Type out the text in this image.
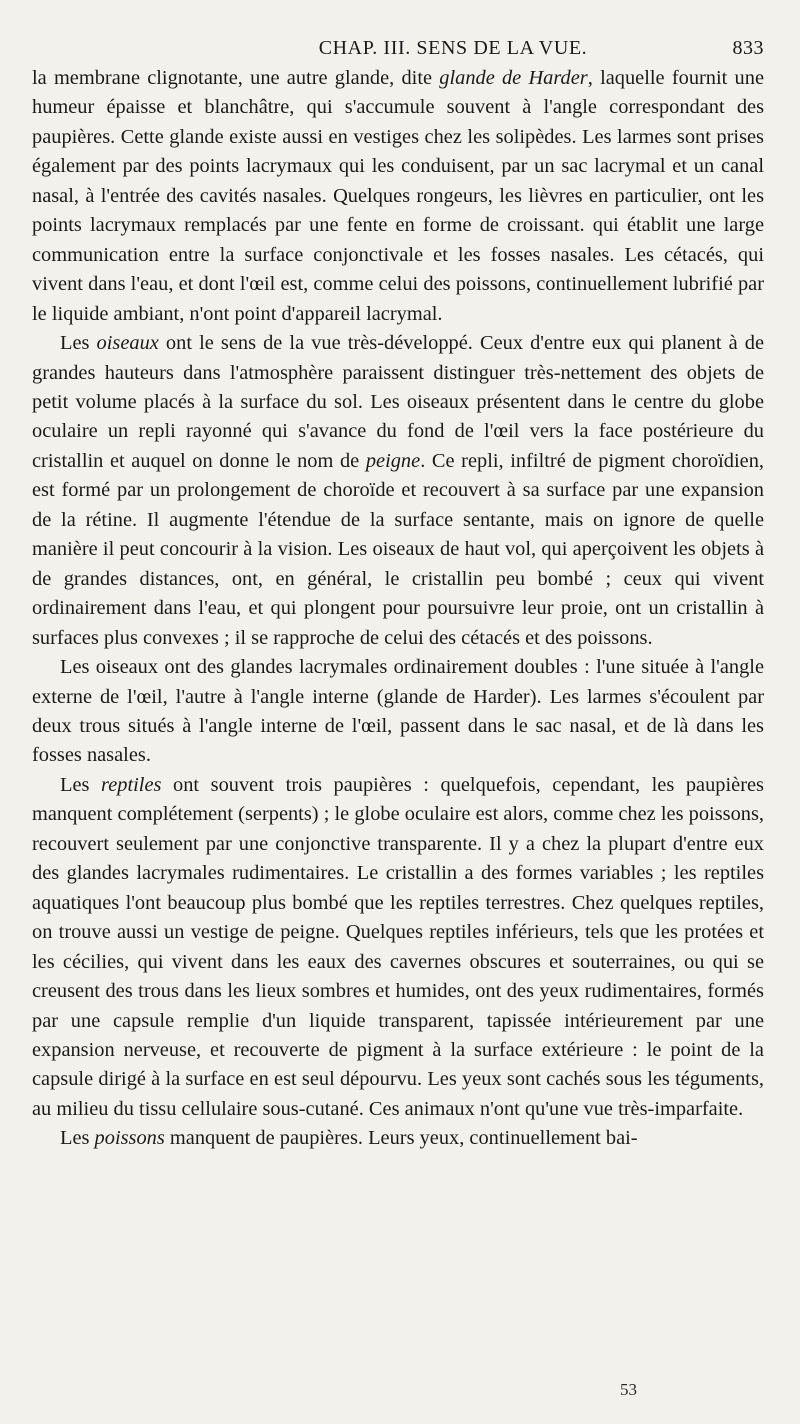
CHAP. III. SENS DE LA VUE.	833

la membrane clignotante, une autre glande, dite glande de Harder, laquelle fournit une humeur épaisse et blanchâtre, qui s'accumule souvent à l'angle correspondant des paupières. Cette glande existe aussi en vestiges chez les solipèdes. Les larmes sont prises également par des points lacrymaux qui les conduisent, par un sac lacrymal et un canal nasal, à l'entrée des cavités nasales. Quelques rongeurs, les lièvres en particulier, ont les points lacrymaux remplacés par une fente en forme de croissant. qui établit une large communication entre la surface conjonctivale et les fosses nasales. Les cétacés, qui vivent dans l'eau, et dont l'œil est, comme celui des poissons, continuellement lubrifié par le liquide ambiant, n'ont point d'appareil lacrymal.

Les oiseaux ont le sens de la vue très-développé. Ceux d'entre eux qui planent à de grandes hauteurs dans l'atmosphère paraissent distinguer très-nettement des objets de petit volume placés à la surface du sol. Les oiseaux présentent dans le centre du globe oculaire un repli rayonné qui s'avance du fond de l'œil vers la face postérieure du cristallin et auquel on donne le nom de peigne. Ce repli, infiltré de pigment choroïdien, est formé par un prolongement de choroïde et recouvert à sa surface par une expansion de la rétine. Il augmente l'étendue de la surface sentante, mais on ignore de quelle manière il peut concourir à la vision. Les oiseaux de haut vol, qui aperçoivent les objets à de grandes distances, ont, en général, le cristallin peu bombé ; ceux qui vivent ordinairement dans l'eau, et qui plongent pour poursuivre leur proie, ont un cristallin à surfaces plus convexes ; il se rapproche de celui des cétacés et des poissons.

Les oiseaux ont des glandes lacrymales ordinairement doubles : l'une située à l'angle externe de l'œil, l'autre à l'angle interne (glande de Harder). Les larmes s'écoulent par deux trous situés à l'angle interne de l'œil, passent dans le sac nasal, et de là dans les fosses nasales.

Les reptiles ont souvent trois paupières : quelquefois, cependant, les paupières manquent complétement (serpents) ; le globe oculaire est alors, comme chez les poissons, recouvert seulement par une conjonctive transparente. Il y a chez la plupart d'entre eux des glandes lacrymales rudimentaires. Le cristallin a des formes variables ; les reptiles aquatiques l'ont beaucoup plus bombé que les reptiles terrestres. Chez quelques reptiles, on trouve aussi un vestige de peigne. Quelques reptiles inférieurs, tels que les protées et les cécilies, qui vivent dans les eaux des cavernes obscures et souterraines, ou qui se creusent des trous dans les lieux sombres et humides, ont des yeux rudimentaires, formés par une capsule remplie d'un liquide transparent, tapissée intérieurement par une expansion nerveuse, et recouverte de pigment à la surface extérieure : le point de la capsule dirigé à la surface en est seul dépourvu. Les yeux sont cachés sous les téguments, au milieu du tissu cellulaire sous-cutané. Ces animaux n'ont qu'une vue très-imparfaite.

Les poissons manquent de paupières. Leurs yeux, continuellement bai-

53
